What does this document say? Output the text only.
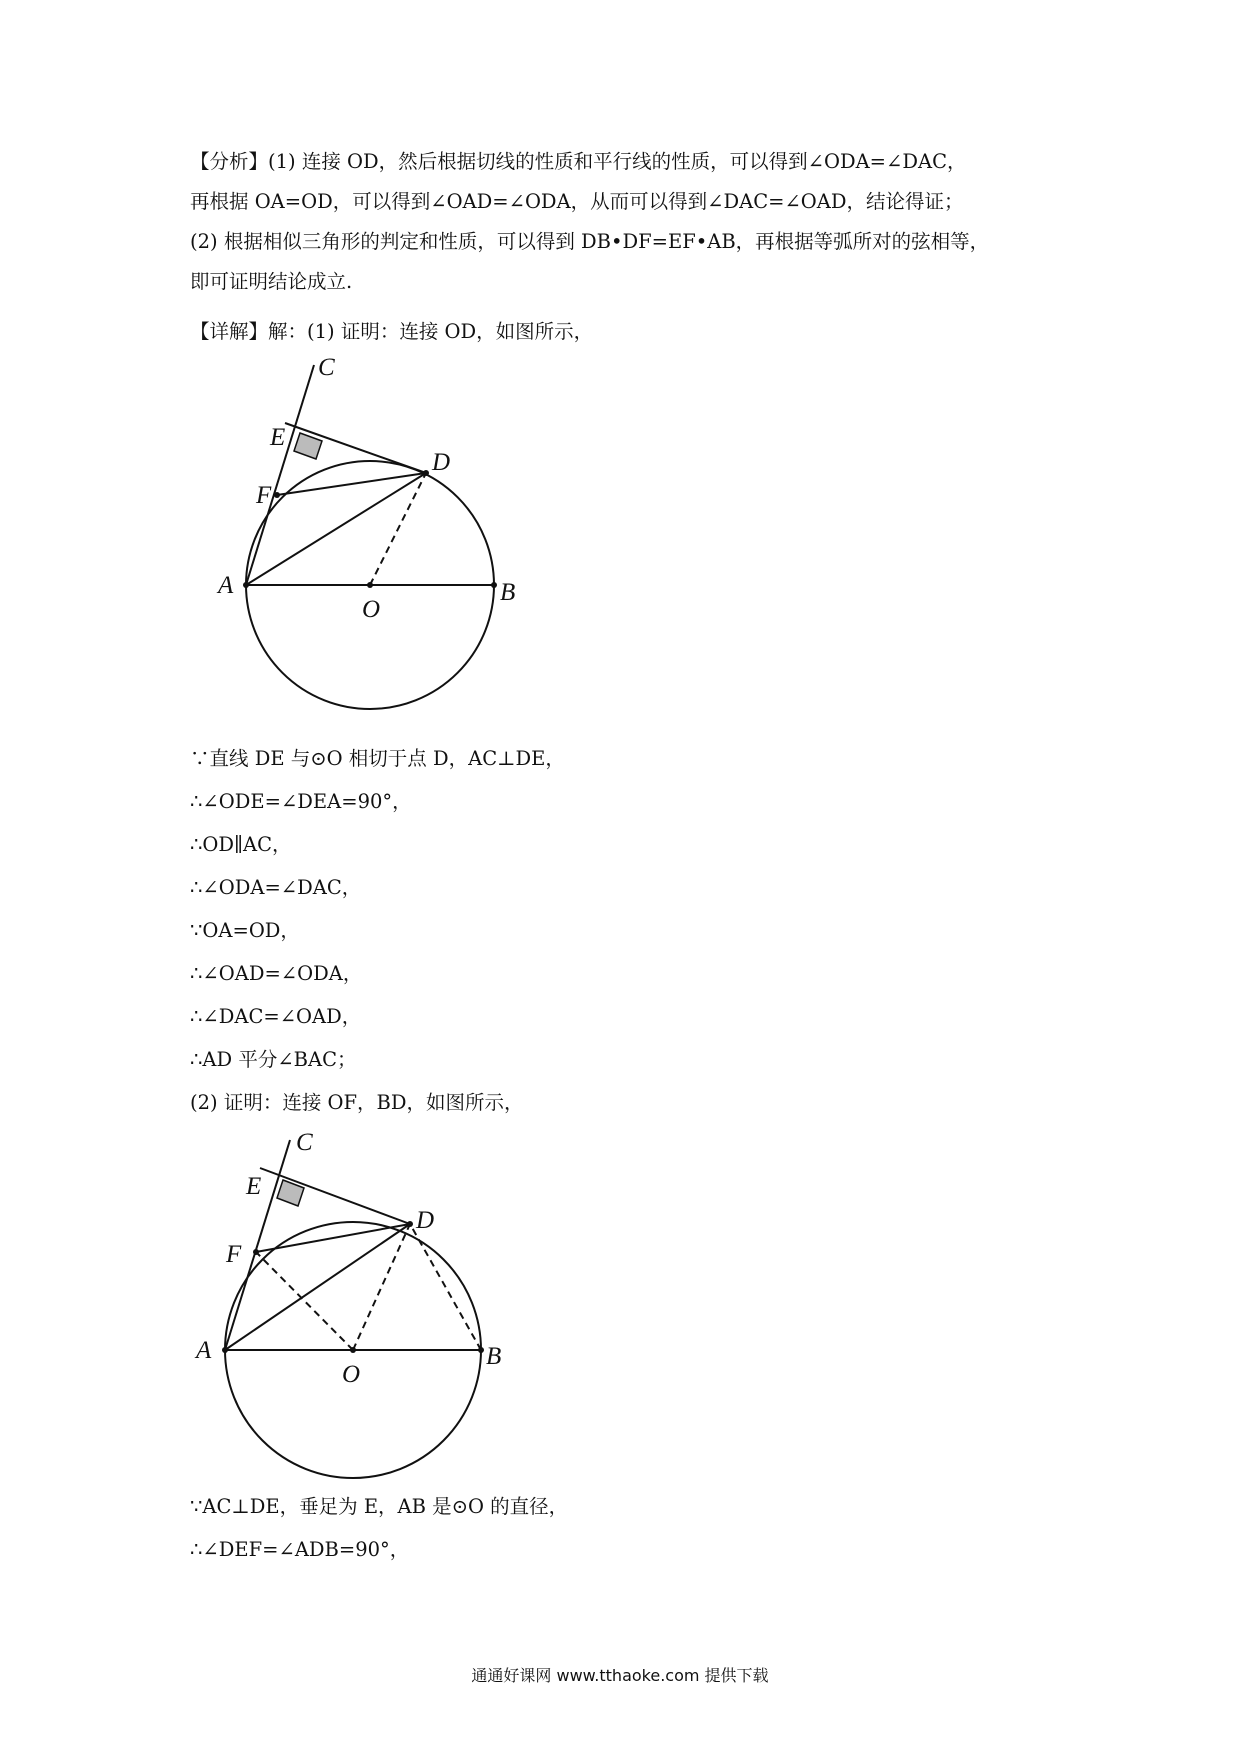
【分析】(1) 连接 OD，然后根据切线的性质和平行线的性质，可以得到∠ODA=∠DAC，
再根据 OA=OD，可以得到∠OAD=∠ODA，从而可以得到∠DAC=∠OAD，结论得证；
(2) 根据相似三角形的判定和性质，可以得到 DB•DF=EF•AB，再根据等弧所对的弦相等，
即可证明结论成立.
【详解】解：(1) 证明：连接 OD，如图所示，
C
E
D
F
A
O
B
∵直线 DE 与⊙O 相切于点 D，AC⊥DE，
∴∠ODE=∠DEA=90°，
∴OD∥AC，
∴∠ODA=∠DAC，
∵OA=OD，
∴∠OAD=∠ODA，
∴∠DAC=∠OAD，
∴AD 平分∠BAC；
(2) 证明：连接 OF，BD，如图所示，
C
E
D
F
A
O
B
∵AC⊥DE，垂足为 E，AB 是⊙O 的直径，
∴∠DEF=∠ADB=90°，
通通好课网 www.tthaoke.com 提供下载
